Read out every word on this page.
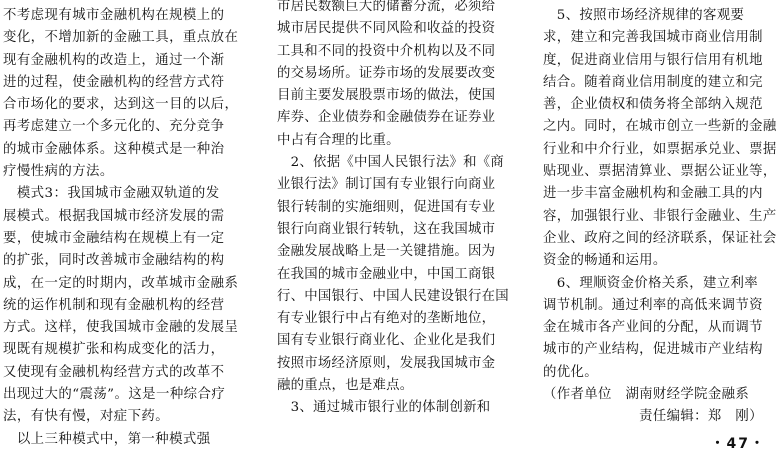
不考虑现有城市金融机构在规模上的
变化，不增加新的金融工具，重点放在
现有金融机构的改造上，通过一个渐
进的过程，使金融机构的经营方式符
合市场化的要求，达到这一目的以后，
再考虑建立一个多元化的、充分竞争
的城市金融体系。这种模式是一种治
疗慢性病的方法。
　模式3：我国城市金融双轨道的发
展模式。根据我国城市经济发展的需
要，使城市金融结构在规模上有一定
的扩张，同时改善城市金融结构的构
成，在一定的时期内，改革城市金融系
统的运作机制和现有金融机构的经营
方式。这样，使我国城市金融的发展呈
现既有规模扩张和构成变化的活力，
又使现有金融机构经营方式的改革不
出现过大的“震荡”。这是一种综合疗
法，有快有慢，对症下药。
　以上三种模式中，第一种模式强
市居民数额巨大的储蓄分流，必须给
城市居民提供不同风险和收益的投资
工具和不同的投资中介机构以及不同
的交易场所。证券市场的发展要改变
目前主要发展股票市场的做法，使国
库券、企业债券和金融债券在证券业
中占有合理的比重。
　2、依据《中国人民银行法》和《商
业银行法》制订国有专业银行向商业
银行转制的实施细则，促进国有专业
银行向商业银行转轨，这在我国城市
金融发展战略上是一关键措施。因为
在我国的城市金融业中，中国工商银
行、中国银行、中国人民建设银行在国
有专业银行中占有绝对的垄断地位，
国有专业银行商业化、企业化是我们
按照市场经济原则，发展我国城市金
融的重点，也是难点。
　3、通过城市银行业的体制创新和
　5、按照市场经济规律的客观要
求，建立和完善我国城市商业信用制
度，促进商业信用与银行信用有机地
结合。随着商业信用制度的建立和完
善，企业债权和债务将全部纳入规范
之内。同时，在城市创立一些新的金融
行业和中介行业，如票据承兑业、票据
贴现业、票据清算业、票据公证业等，
进一步丰富金融机构和金融工具的内
容，加强银行业、非银行金融业、生产
企业、政府之间的经济联系，保证社会
资金的畅通和运用。
　6、理顺资金价格关系，建立利率
调节机制。通过利率的高低来调节资
金在城市各产业间的分配，从而调节
城市的产业结构，促进城市产业结构
的优化。
（作者单位　湖南财经学院金融系
　　　　　　　责任编辑：郑　刚）
・47・
